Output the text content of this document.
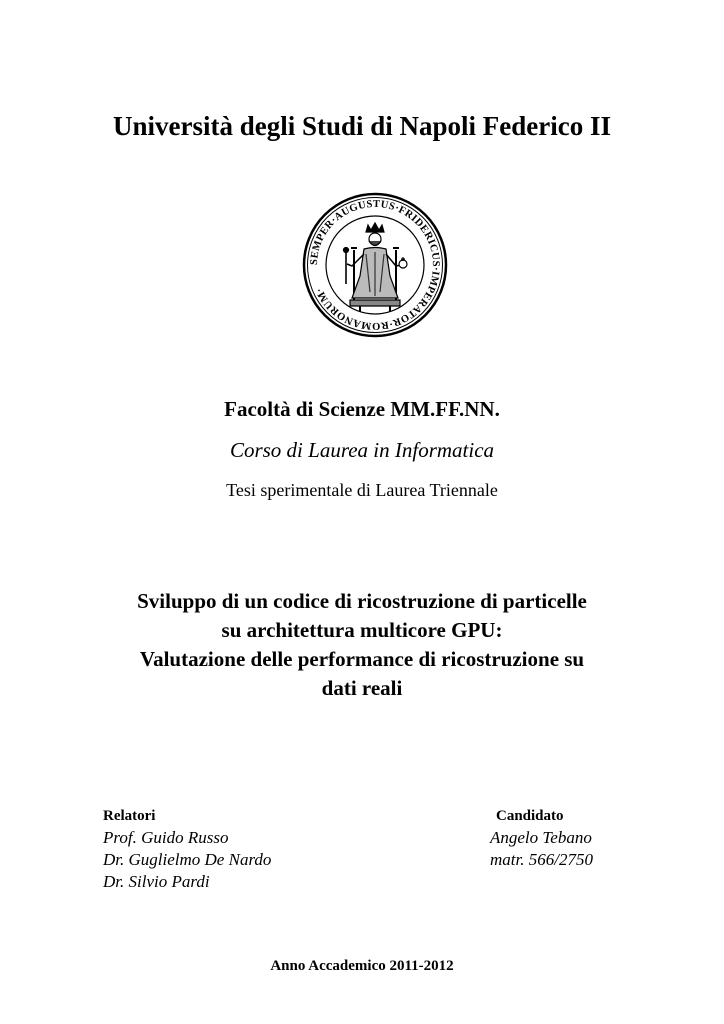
Università degli Studi di Napoli Federico II
SEMPER·AUGUSTUS·FRIDERICUS·IMPERATOR·ROMANORUM·
Facoltà di Scienze MM.FF.NN.
Corso di Laurea in Informatica
Tesi sperimentale di Laurea Triennale
Sviluppo di un codice di ricostruzione di particelle
su architettura multicore GPU:
Valutazione delle performance di ricostruzione su
dati reali
Relatori
Prof. Guido Russo
Dr. Guglielmo De Nardo
Dr. Silvio Pardi
Candidato
Angelo Tebano
matr. 566/2750
Anno Accademico 2011-2012
